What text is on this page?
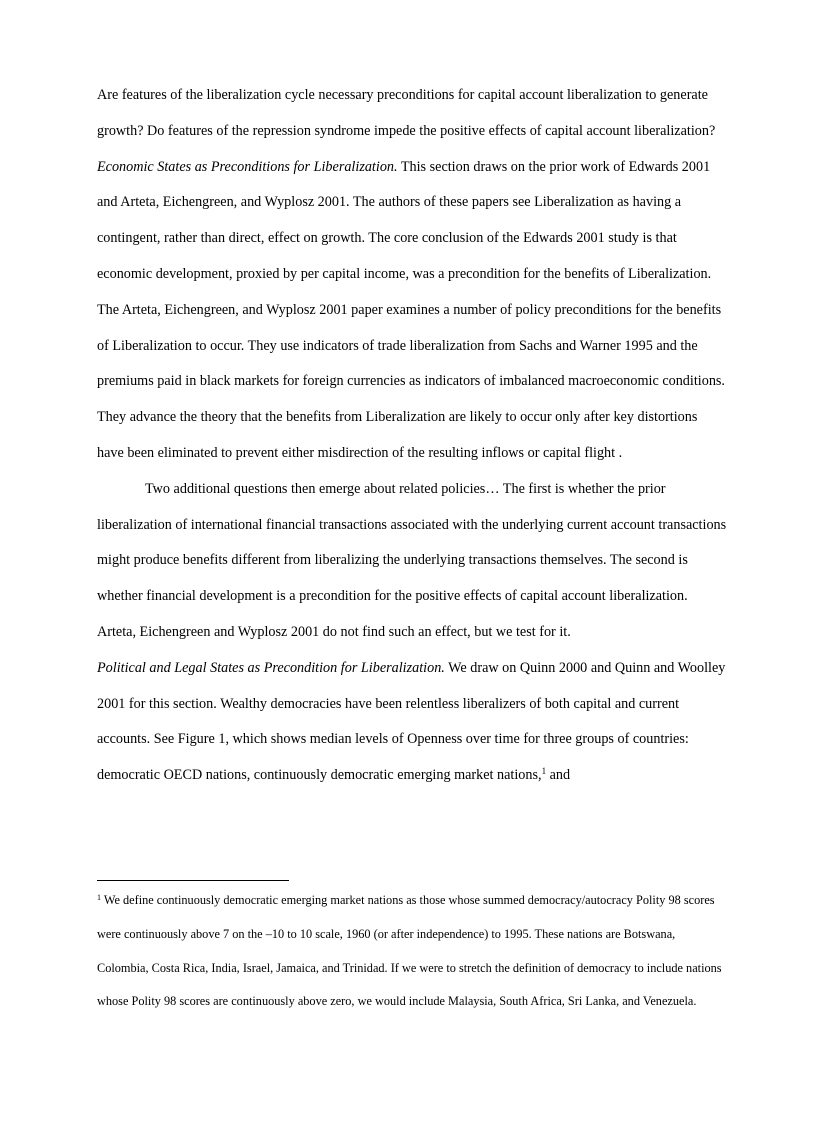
Are features of the liberalization cycle necessary preconditions for capital account liberalization to generate growth? Do features of the repression syndrome impede the positive effects of capital account liberalization?

Economic States as Preconditions for Liberalization. This section draws on the prior work of Edwards 2001 and Arteta, Eichengreen, and Wyplosz 2001. The authors of these papers see Liberalization as having a contingent, rather than direct, effect on growth. The core conclusion of the Edwards 2001 study is that economic development, proxied by per capital income, was a precondition for the benefits of Liberalization. The Arteta, Eichengreen, and Wyplosz 2001 paper examines a number of policy preconditions for the benefits of Liberalization to occur. They use indicators of trade liberalization from Sachs and Warner 1995 and the premiums paid in black markets for foreign currencies as indicators of imbalanced macroeconomic conditions. They advance the theory that the benefits from Liberalization are likely to occur only after key distortions have been eliminated to prevent either misdirection of the resulting inflows or capital flight .

Two additional questions then emerge about related policies… The first is whether the prior liberalization of international financial transactions associated with the underlying current account transactions might produce benefits different from liberalizing the underlying transactions themselves. The second is whether financial development is a precondition for the positive effects of capital account liberalization. Arteta, Eichengreen and Wyplosz 2001 do not find such an effect, but we test for it.

Political and Legal States as Precondition for Liberalization. We draw on Quinn 2000 and Quinn and Woolley 2001 for this section. Wealthy democracies have been relentless liberalizers of both capital and current accounts. See Figure 1, which shows median levels of Openness over time for three groups of countries: democratic OECD nations, continuously democratic emerging market nations,$^1$ and

$^1$ We define continuously democratic emerging market nations as those whose summed democracy/autocracy Polity 98 scores were continuously above 7 on the –10 to 10 scale, 1960 (or after independence) to 1995. These nations are Botswana, Colombia, Costa Rica, India, Israel, Jamaica, and Trinidad. If we were to stretch the definition of democracy to include nations whose Polity 98 scores are continuously above zero, we would include Malaysia, South Africa, Sri Lanka, and Venezuela.
